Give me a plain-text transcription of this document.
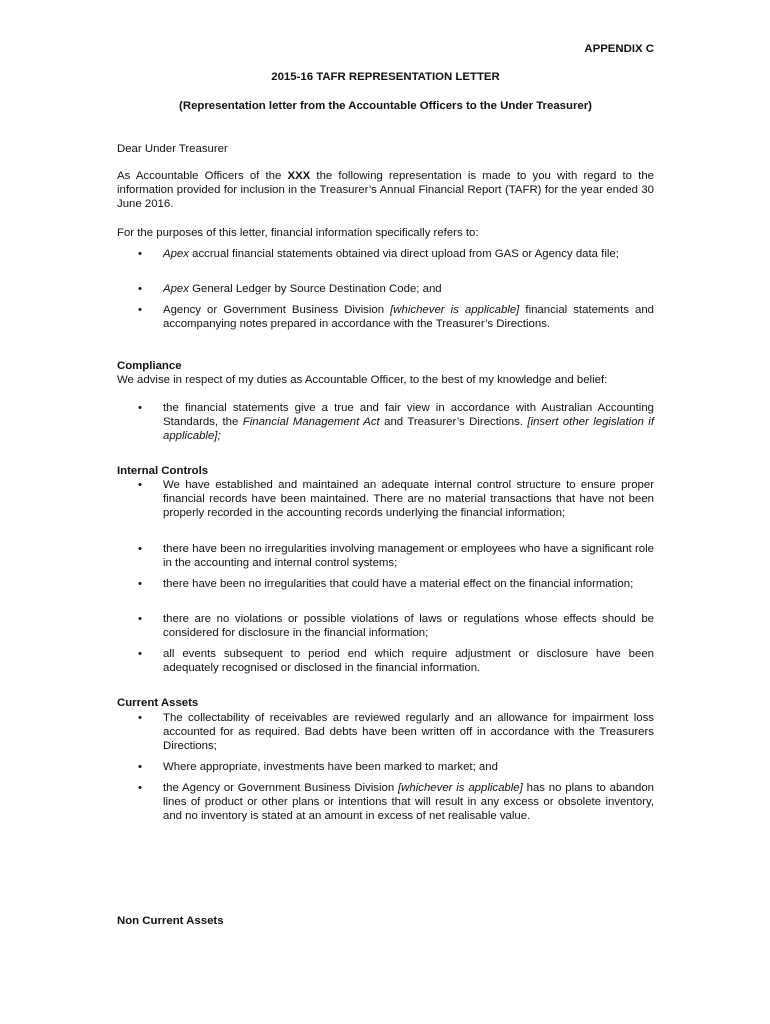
APPENDIX C
2015-16 TAFR REPRESENTATION LETTER
(Representation letter from the Accountable Officers to the Under Treasurer)
Dear Under Treasurer
As Accountable Officers of the XXX the following representation is made to you with regard to the information provided for inclusion in the Treasurer’s Annual Financial Report (TAFR) for the year ended 30 June 2016.
For the purposes of this letter, financial information specifically refers to:
• Apex accrual financial statements obtained via direct upload from GAS or Agency data file;
• Apex General Ledger by Source Destination Code; and
• Agency or Government Business Division [whichever is applicable] financial statements and accompanying notes prepared in accordance with the Treasurer’s Directions.
Compliance
We advise in respect of my duties as Accountable Officer, to the best of my knowledge and belief:
• the financial statements give a true and fair view in accordance with Australian Accounting Standards, the Financial Management Act and Treasurer’s Directions. [insert other legislation if applicable];
Internal Controls
• We have established and maintained an adequate internal control structure to ensure proper financial records have been maintained. There are no material transactions that have not been properly recorded in the accounting records underlying the financial information;
• there have been no irregularities involving management or employees who have a significant role in the accounting and internal control systems;
• there have been no irregularities that could have a material effect on the financial information;
• there are no violations or possible violations of laws or regulations whose effects should be considered for disclosure in the financial information;
• all events subsequent to period end which require adjustment or disclosure have been adequately recognised or disclosed in the financial information.
Current Assets
• The collectability of receivables are reviewed regularly and an allowance for impairment loss accounted for as required. Bad debts have been written off in accordance with the Treasurers Directions;
• Where appropriate, investments have been marked to market; and
• the Agency or Government Business Division [whichever is applicable] has no plans to abandon lines of product or other plans or intentions that will result in any excess or obsolete inventory, and no inventory is stated at an amount in excess of net realisable value.
Non Current Assets
